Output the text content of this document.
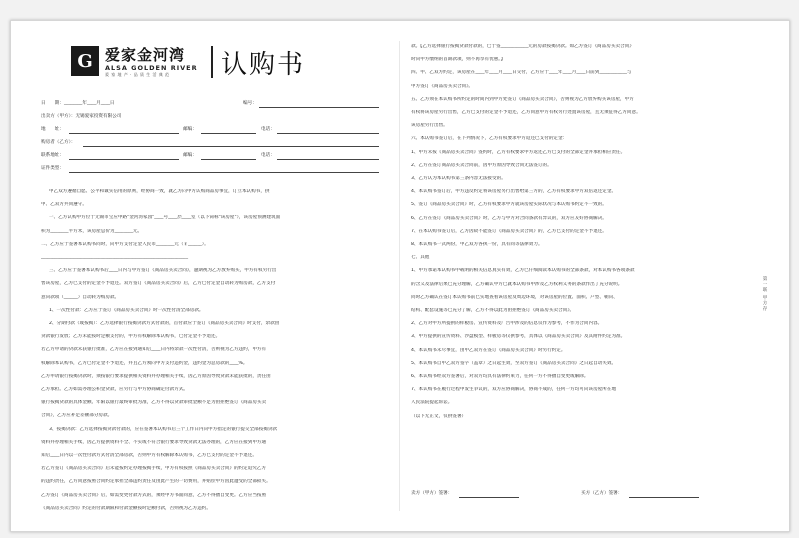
G 爱家金河湾
ALSA GOLDEN RIVER
爱 家 地 产 · 品 质 生 活 典 范 认购书
日　　期：________年____月____日	编号：
出卖方（甲方）：无锡爱家投资有限公司
地　　址：	邮编：	电话：
购房者（乙方）：
联系地址：	邮编：	电话：
证件类型：
甲乙双方遵循自愿、公平和诚实信用的原则，经协商一致，就乙方向甲方认购商品房事宜，订立本认购书，供
甲、乙双方共同遵守。
一、乙方认购甲方位于无锡市宝应中路"金河湾家园"____号____层____室（以下简称"该房屋"），该房屋预测建筑面
积为________平方米，该房屋总价为________元。
二、乙方应于签署本认购书同时，向甲方支付定金人民币________元（￥______）。
________________________________________________________________
三、乙方应于签署本认购书后____日内与甲方签订《商品房买卖合同》，逾期视为乙方放弃购买，甲方有权另行出
售该房屋，乙方已支付的定金不予退还。双方签订《商品房买卖合同》后，乙方已付定金自动转为购房款，乙方支付
意向款项（______）自动转为购房款。
1、一次性付款：乙方应于签订《商品房买卖合同》时一次性付清全部房款。
2、分期付款（或按揭）：乙方选择银行按揭贷款方式付款的，首付款应于签订《商品房买卖合同》时支付，余款由
贷款银行发放；乙方未能按时足额支付的，甲方有权解除本认购书，已付定金不予退还。
若乙方申请的贷款未获银行批准，乙方应在接到通知后____日内将余款一次性付清，否则视为乙方违约，甲方有
权解除本认购书，乙方已付定金不予退还，并且乙方须向甲方支付违约金，违约金为总房款的____%。
乙方申请银行按揭贷款时，须按银行要求提供相关资料并办理相关手续，因乙方原因导致贷款未能获批的，责任由
乙方承担。乙方如需办理公积金贷款，应另行与甲方协商确定付款方式。
银行按揭贷款的具体金额、年限以银行最终审批为准，乙方不得以贷款审批金额不足为由拒绝签订《商品房买卖
合同》，乙方应补足差额部分房款。
3、按揭贷款：乙方选择按揭贷款付款的，应在签署本认购书后三个工作日内向甲方指定的银行提交全部按揭贷款
资料并办理相关手续，因乙方提供资料不全、不实或不符合银行要求导致贷款无法办理的，乙方应在接到甲方通
知后____日内以一次性付款方式付清全部房款，否则甲方有权解除本认购书，乙方已支付的定金不予退还。
若乙方签订《商品房买卖合同》后未能按约定办理按揭手续，甲方有权按照《商品房买卖合同》的约定追究乙方
的违约责任，乙方同意按照合同约定承担全部违约责任及由此产生的一切费用，并赔偿甲方因此遭受的全部损失。
乙方签订《商品房买卖合同》后，如需变更付款方式的，须经甲方书面同意，乙方不得擅自变更。乙方应当按照
《商品房买卖合同》约定的付款期限和付款金额按时足额付款，否则视为乙方违约。
款。【乙方选择银行按揭贷款付款的，已于签____________元的房款按揭贷款。如乙方签订《商品房买卖合同》
时向甲方缴纳的首期款项，则不再享有优惠。】
四、甲、乙双方约定，该房屋在____年____月____日交付，乙方应于____年____月____日前到____________与
甲方签订《商品房买卖合同》。
五、乙方须在本认购书所约定的时间内到甲方处签订《商品房买卖合同》，否则视为乙方放弃购买该房屋，甲方
有权将该房屋另行出售，乙方已支付的定金不予退还，乙方同意甲方有权另行处置该房屋，且无须征得乙方同意。
该房屋另行出售。
六、本认购书签订后，在下列情况下，乙方有权要求甲方返还已支付的定金：
1、甲方未按《商品房买卖合同》签约时，乙方有权要求甲方返还乙方已支付的全部定金并承担相应责任。
2、乙方在签订商品房买卖合同前，因甲方原因导致合同无法签订的。
3、乙方认为本认购书第三条内容无法接受的。
4、本认购书签订后，甲方违反约定将该房屋另行出售给第三方的，乙方有权要求甲方双倍返还定金。
5、签订《商品房买卖合同》时，乙方有权要求甲方就该房屋实际状况与本认购书约定不一致的。
6、乙方在签订《商品房买卖合同》时，乙方与甲方对合同条款有异议的，双方应友好协商解决。
7、在本认购书签订后，乙方因故不能签订《商品房买卖合同》的，乙方已支付的定金不予退还。
8、本认购书一式两份，甲乙双方各执一份，具有同等法律效力。
七、其他
1、甲方承诺本认购书中载明的相关信息真实有效，乙方已仔细阅读本认购书的全部条款，对本认购书各项条款
的含义及法律后果已充分理解，乙方确认甲方已就本认购书中涉及乙方权利义务的条款作出了充分说明。
同时乙方确认在签订本认购书前已实地查看该房屋及周边环境，对该房屋的位置、面积、户型、朝向、
结构、配套设施等已充分了解，乙方不得以此为由拒绝签订《商品房买卖合同》。
2、乙方对甲方所提供的样板房、宣传资料及广告中涉及的信息仅作为参考，不作为合同内容。
3、甲方提供的宣传资料、沙盘模型、样板房等仅供参考，具体以《商品房买卖合同》及其附件约定为准。
4、本认购书未尽事宜，由甲乙双方在签订《商品房买卖合同》时另行约定。
5、本认购书自甲乙双方签字（盖章）之日起生效，至双方签订《商品房买卖合同》之日起自动失效。
6、本认购书经双方签署后，对双方均具有法律约束力，任何一方不得擅自变更或解除。
7、本认购书在履行过程中发生争议的，双方应协商解决，协商不成的，任何一方均可向该房屋所在地
人民法院提起诉讼。
（以下无正文，仅供签署）
卖方（甲方）签署：	买方（乙方）签署：
第一联 甲方存
